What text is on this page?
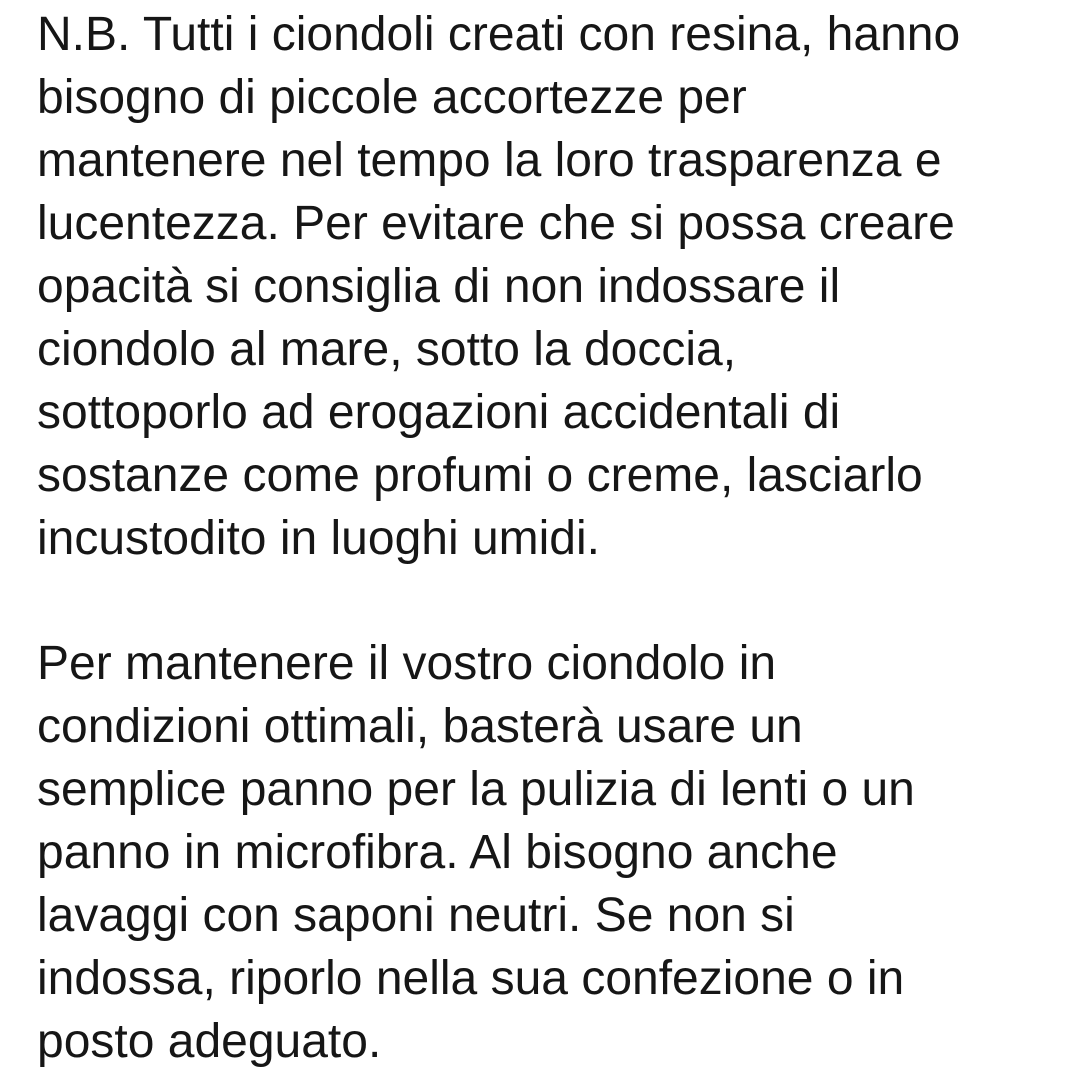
N.B. Tutti i ciondoli creati con resina, hanno
bisogno di piccole accortezze per
mantenere nel tempo la loro trasparenza e
lucentezza. Per evitare che si possa creare
opacità si consiglia di non indossare il
ciondolo al mare, sotto la doccia,
sottoporlo ad erogazioni accidentali di
sostanze come profumi o creme, lasciarlo
incustodito in luoghi umidi.
Per mantenere il vostro ciondolo in
condizioni ottimali, basterà usare un
semplice panno per la pulizia di lenti o un
panno in microfibra. Al bisogno anche
lavaggi con saponi neutri. Se non si
indossa, riporlo nella sua confezione o in
posto adeguato.
